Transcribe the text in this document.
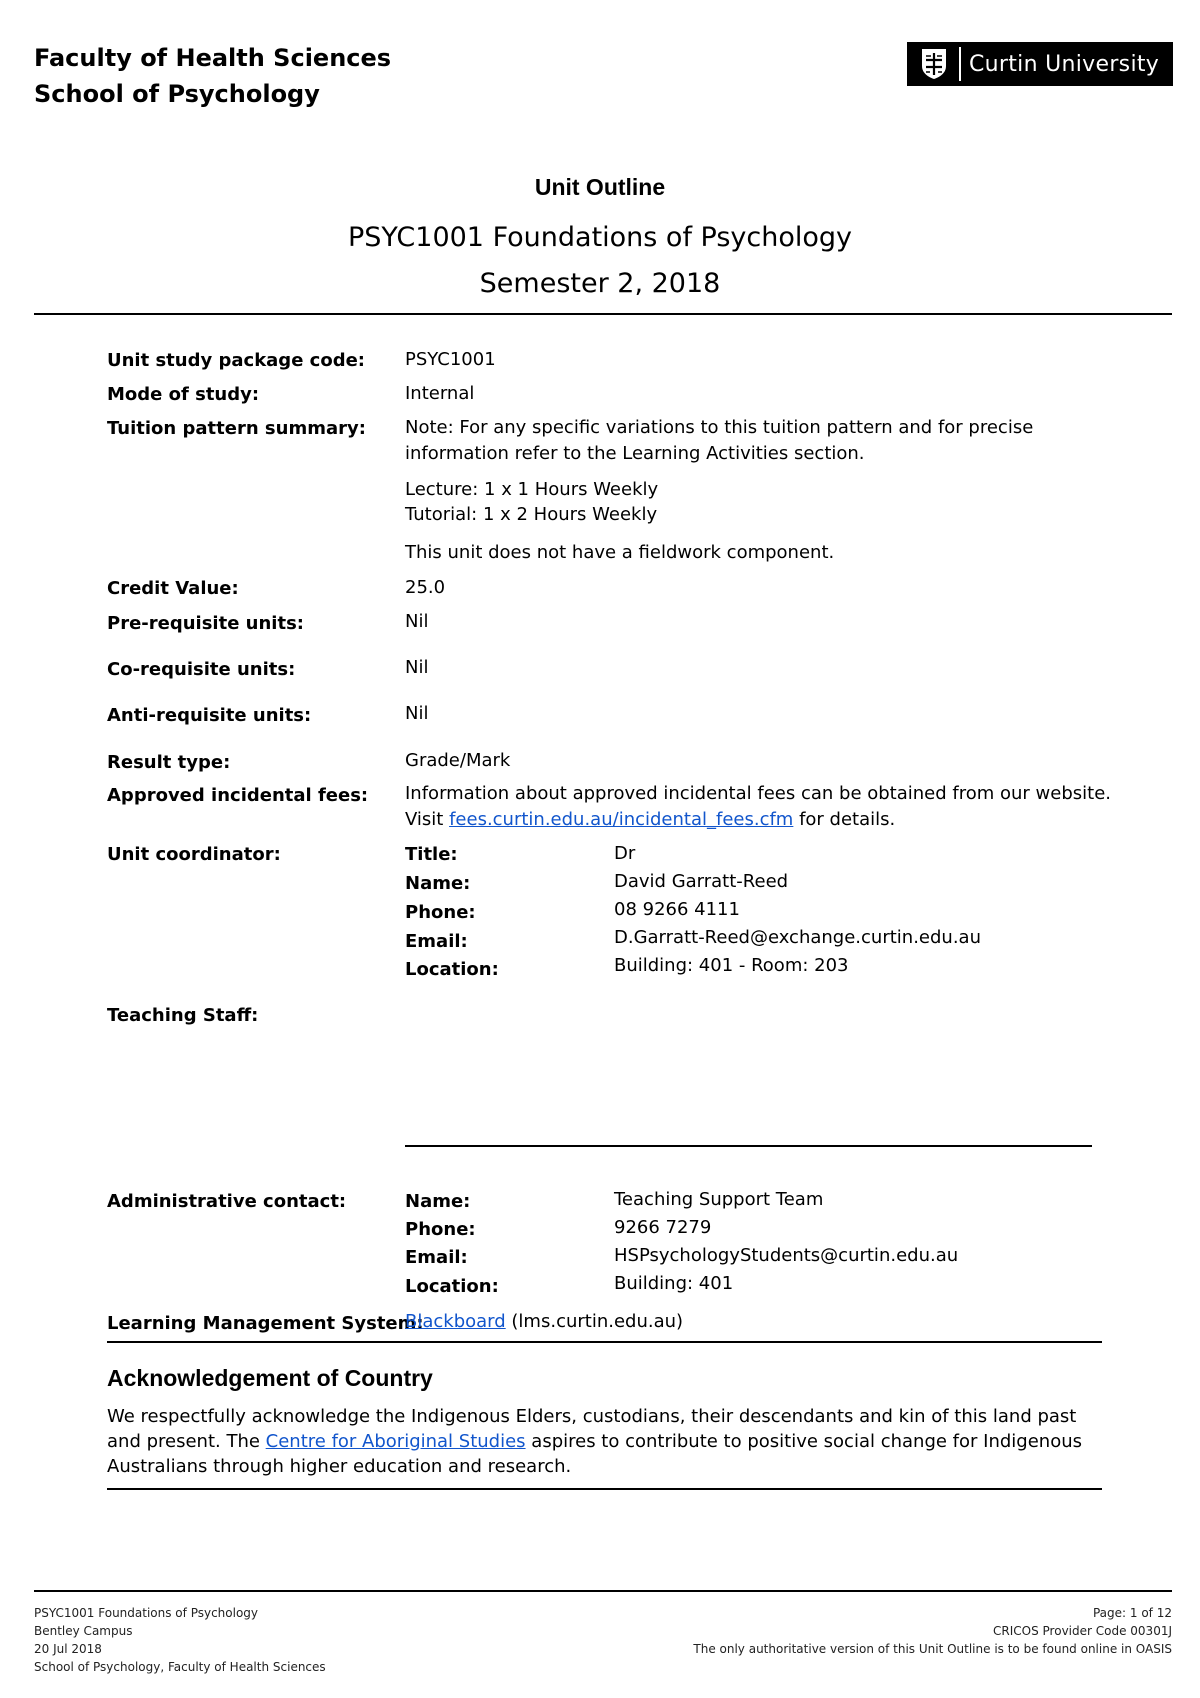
Faculty of Health Sciences
School of Psychology
Curtin University
Unit Outline
PSYC1001 Foundations of Psychology
Semester 2, 2018
Unit study package code: PSYC1001
Mode of study:	Internal
Tuition pattern summary: Note: For any specific variations to this tuition pattern and for precise
information refer to the Learning Activities section.
Lecture: 1 x 1 Hours Weekly
Tutorial: 1 x 2 Hours Weekly
This unit does not have a fieldwork component.
Credit Value:	25.0
Pre-requisite units:	Nil
Co-requisite units:	Nil
Anti-requisite units:	Nil
Result type:	Grade/Mark
Approved incidental fees: Information about approved incidental fees can be obtained from our website.
Visit fees.curtin.edu.au/incidental_fees.cfm for details.
Unit coordinator:	Title:	Dr
Name:	David Garratt-Reed
Phone:	08 9266 4111
Email:	D.Garratt-Reed@exchange.curtin.edu.au
Location:	Building: 401 - Room: 203
Teaching Staff:
Administrative contact:	Name:	Teaching Support Team
Phone:	9266 7279
Email:	HSPsychologyStudents@curtin.edu.au
Location:	Building: 401
Learning Management System:
Blackboard (lms.curtin.edu.au)
Acknowledgement of Country
We respectfully acknowledge the Indigenous Elders, custodians, their descendants and kin of this land past and present. The Centre for Aboriginal Studies aspires to contribute to positive social change for Indigenous Australians through higher education and research.
PSYC1001 Foundations of Psychology
Bentley Campus
20 Jul 2018
School of Psychology, Faculty of Health Sciences
Page: 1 of 12
CRICOS Provider Code 00301J
The only authoritative version of this Unit Outline is to be found online in OASIS
